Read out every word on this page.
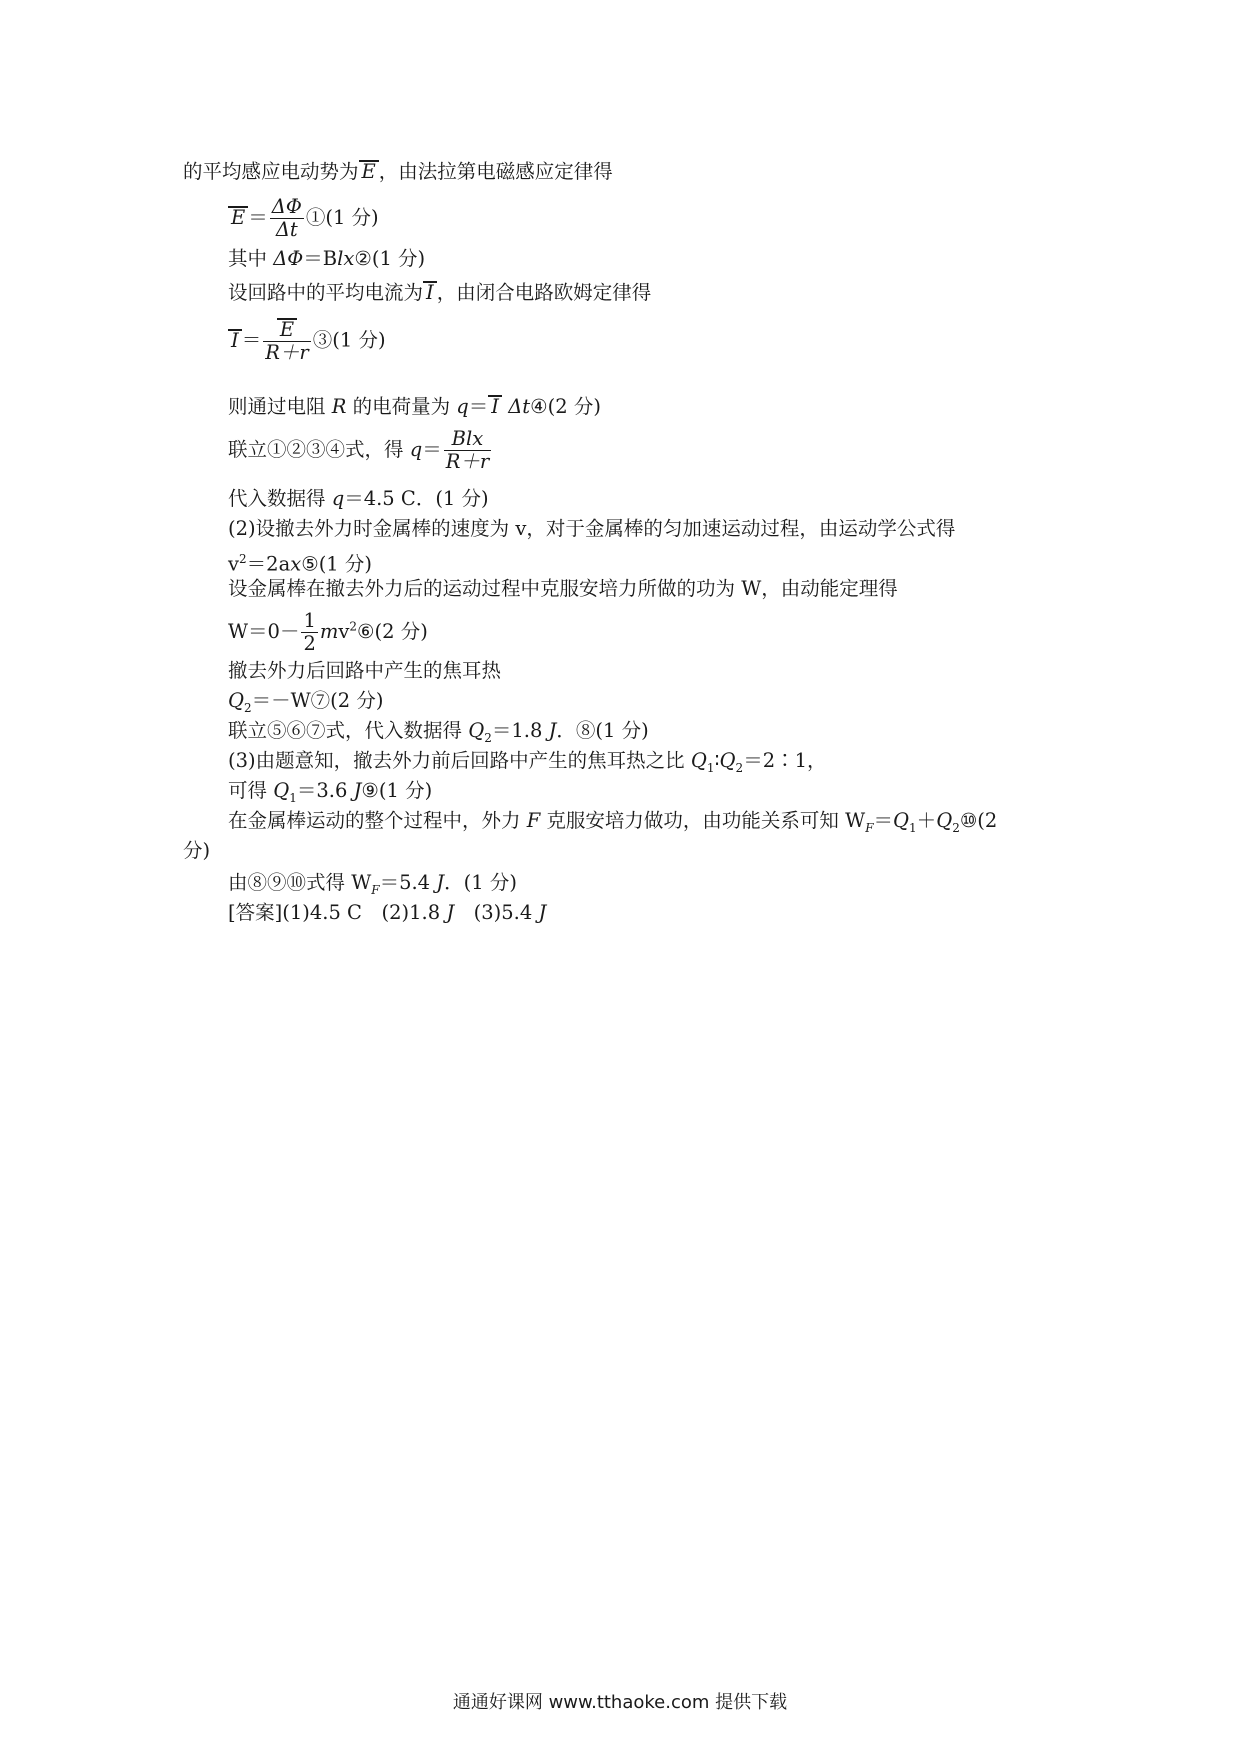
的平均感应电动势为 E ，由法拉第电磁感应定律得
$E = \frac{\Delta\Phi}{\Delta t}$ ①(1 分)
其中 ΔΦ＝Blx②(1 分)
设回路中的平均电流为 I ，由闭合电路欧姆定律得
$I = \frac{E}{R+r}$ ③(1 分)
则通过电阻 R 的电荷量为 q＝ I Δt④(2 分)
联立①②③④式，得 $q= \frac{\text{Blx}}{R+r}$
代入数据得 q＝4.5 C．(1 分)
(2)设撤去外力时金属棒的速度为 v，对于金属棒的匀加速运动过程，由运动学公式得
$v^2=2ax⑤(1$ 分)
设金属棒在撤去外力后的运动过程中克服安培力所做的功为 W，由动能定理得
$W=0- \frac{1}{2}$ $mv^2⑥(2$ 分)
撤去外力后回路中产生的焦耳热
$Q_2=-W⑦(2$ 分)
联立⑤⑥⑦式，代入数据得 $Q_2=1.8$ J．⑧(1 分)
(3)由题意知，撤去外力前后回路中产生的焦耳热之比 $Q_1∶Q_2=2∶1$，
可得 $Q_1=3.6$ J⑨(1 分)
在金属棒运动的整个过程中，外力 F 克服安培力做功，由功能关系可知 $W_F=Q_1+Q_2⑩(2$
分)
由⑧⑨⑩式得 $W_F=5.4$ J．(1 分)
[答案](1)4.5 C　(2)1.8 J　(3)5.4 J
通通好课网 www.tthaoke.com 提供下载
